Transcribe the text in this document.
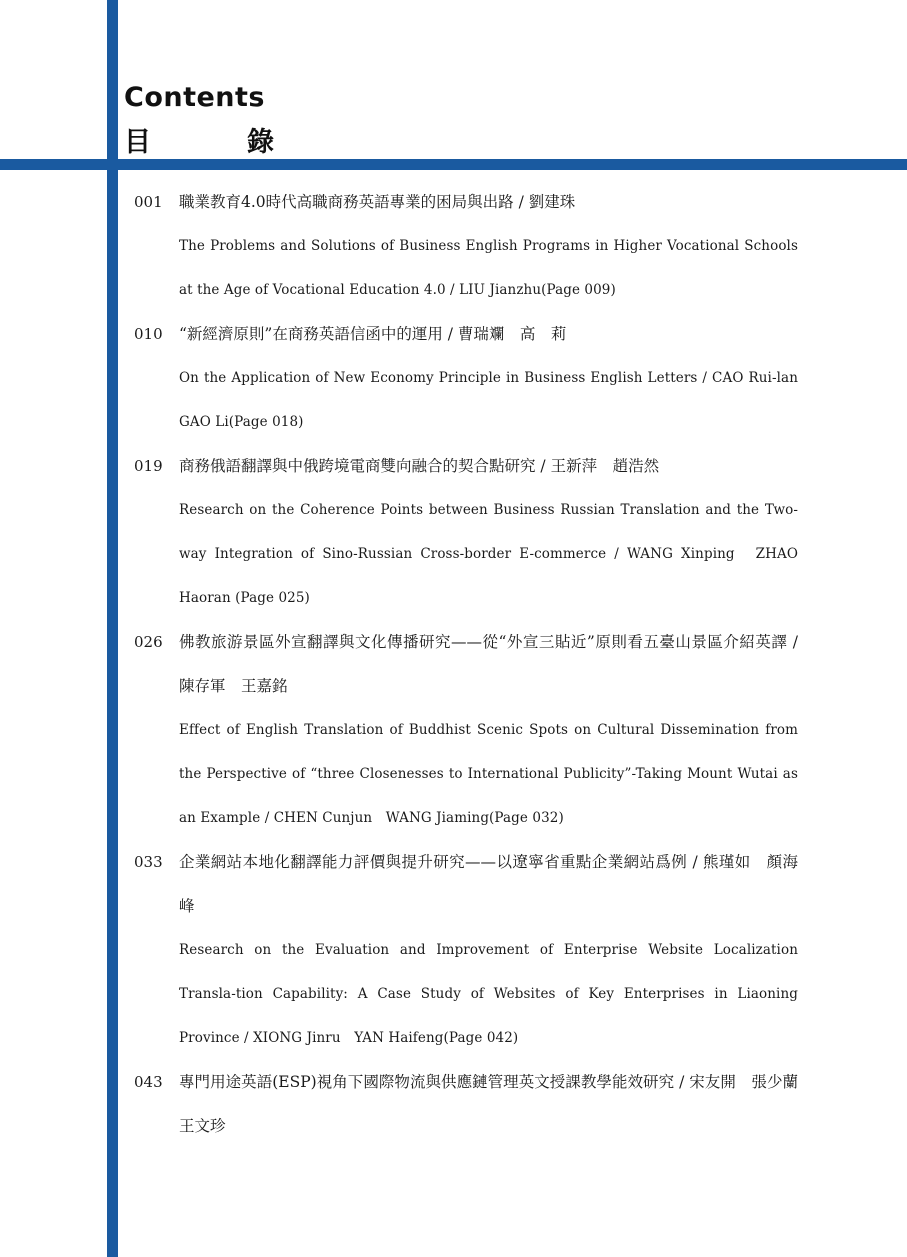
Contents
目	錄
001	職業教育4.0時代高職商務英語專業的困局與出路 / 劉建珠
The Problems and Solutions of Business English Programs in Higher Vocational Schools at the Age of Vocational Education 4.0 / LIU Jianzhu(Page 009)
010	“新經濟原則”在商務英語信函中的運用 / 曹瑞斕　高　莉
On the Application of New Economy Principle in Business English Letters / CAO Rui-lan　GAO Li(Page 018)
019	商務俄語翻譯與中俄跨境電商雙向融合的契合點研究 / 王新萍　趙浩然
Research on the Coherence Points between Business Russian Translation and the Two-way Integration of Sino-Russian Cross-border E-commerce / WANG Xinping　ZHAO Haoran (Page 025)
026	佛教旅游景區外宣翻譯與文化傳播研究——從“外宣三貼近”原則看五臺山景區介紹英譯 / 陳存軍　王嘉銘
Effect of English Translation of Buddhist Scenic Spots on Cultural Dissemination from the Perspective of “three Closenesses to International Publicity”-Taking Mount Wutai as an Example / CHEN Cunjun　WANG Jiaming(Page 032)
033	企業網站本地化翻譯能力評價與提升研究——以遼寧省重點企業網站爲例 / 熊瑾如　顏海峰
Research on the Evaluation and Improvement of Enterprise Website Localization Transla-tion Capability: A Case Study of Websites of Key Enterprises in Liaoning Province / XIONG Jinru　YAN Haifeng(Page 042)
043	專門用途英語(ESP)視角下國際物流與供應鏈管理英文授課教學能效研究 / 宋友開　張少蘭　王文珍
